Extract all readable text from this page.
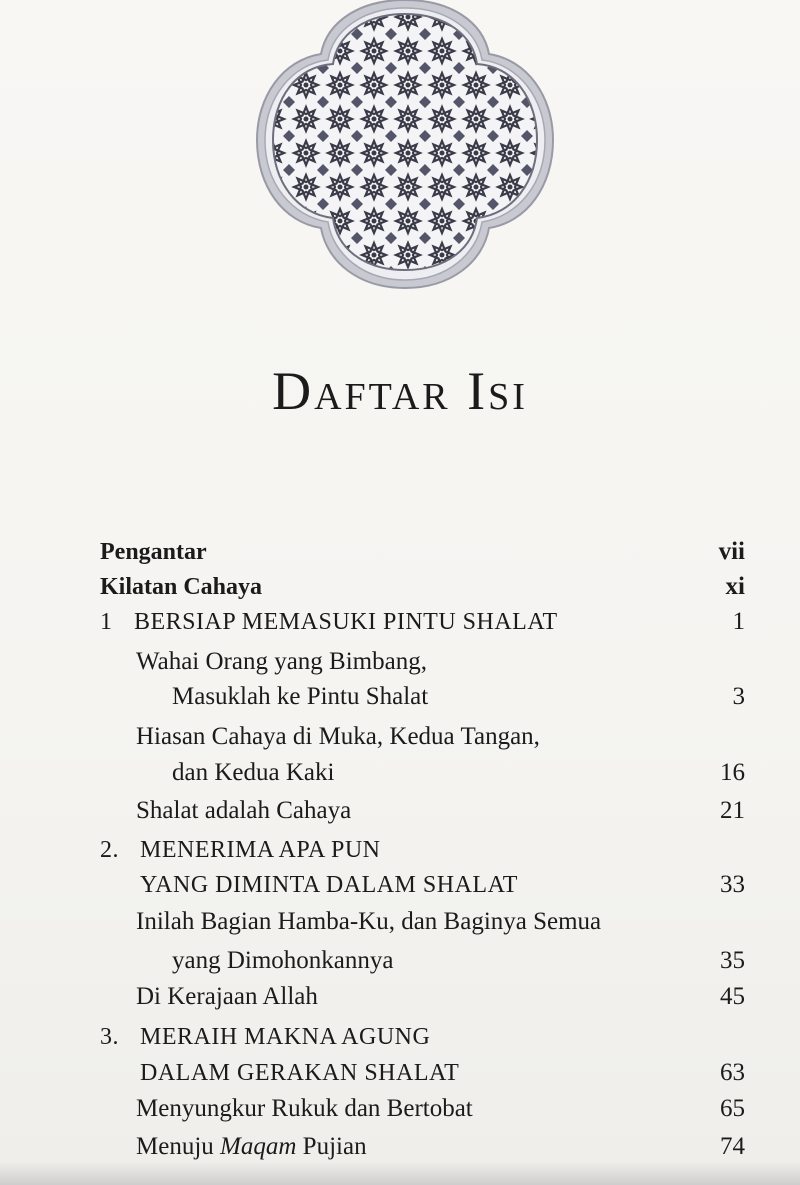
Daftar Isi
Pengantar	vii
Kilatan Cahaya	xi
1 BERSIAP MEMASUKI PINTU SHALAT	1
Wahai Orang yang Bimbang,
Masuklah ke Pintu Shalat	3
Hiasan Cahaya di Muka, Kedua Tangan,
dan Kedua Kaki	16
Shalat adalah Cahaya	21
2. MENERIMA APA PUN
YANG DIMINTA DALAM SHALAT	33
Inilah Bagian Hamba-Ku, dan Baginya Semua
yang Dimohonkannya	35
Di Kerajaan Allah	45
3. MERAIH MAKNA AGUNG
DALAM GERAKAN SHALAT	63
Menyungkur Rukuk dan Bertobat	65
Menuju Maqam Pujian	74
